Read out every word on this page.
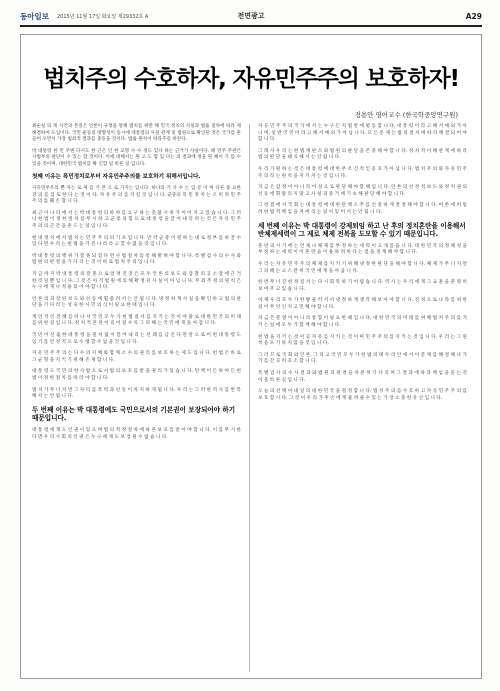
동아일보 2015년 11월 17일 화요일 제29332호 A	전면광고	A29
법치주의 수호하자, 자유민주주의 보호하자!
정용안 영어교수 (한국학중앙연구원)

최순실 의 게 사건의 본질은 언론이 규정을 통해 법치를 위반 해 민국 정치의 사실과 법률 절차에 따라 제 해결하여 도입이다. 국민 운동의 방향성이 동시에 대통령의 사실 관계 및 법원으로 확인된 것은 국가를 흔들어 오면서 가장 범죄적 결과를 충동을 것이다. 법률 원칙이 따라주길 바란다.

박 대통령 한 민 주변 다시도 한 근은 인 한 교명 수 수 정도 있다 하는 근거가 사실이다. 때 민주 주관은 사법부의 판단이 수 있는 할 것이다. 이에 대해서는 원 고 도 함 있 다는 의 결과에 정을 원 해서 기 를 수 있을 것이며, 대한민국 법치를 확 인할 일 바른 일 입니다.

첫째 이유는 폭민정치로부터 자유민주주의를 보호하기 위해서입니다.

자유민주주의 뿐 자는 로 제 를 기 본 으 로 가지는 입니다. 하나의 기 사 수 는 입 문 이 며 다른 중 요한 진 의 를 검 토 한 다 는 것 이 다. 자 유 주 의 를 지 킬 것 입 니 다. 군중의 폭 민 정 치 는 오 히 려 민 주 주 의 를 훼 손 합 니 다.

최 근 이 나 라 에 서 는 박 대 통 령 의 하 야 를 요 구 하 는 촛 불 시 위 가 이 어 지 고 있 습 니 다. 그 러 나 헌 법 이 정 한 절 차 를 무 시 하 고 군 중 의 힘 으 로 대 통 령 을 끌 어 내 리 려 는 것 은 자 유 민 주 주 의 의 근 간 을 흔 드 는 일 입 니 다.

현 대 정 치 에 서 법 치 는 민 주 주 의 의 기 초 입 니 다. 만 약 군 중 이 원 하 는 대 로 정 부 를 바 꿀 수 있 다 면 우 리 는 헌 법 을 가 진 나 라 라 고 할 수 없 을 것 입 니 다.

박 대 통 령 의 행 위 가 잘 못 되 었 다 면 사 법 절 차 를 통 해 밝 혀 야 합 니 다. 특 별 검 사 의 수 사 와 법 원 의 판 결 을 기 다 리 는 것 이 바 로 법 치 주 의 입 니 다.

지 금 까 지 박 대 통 령 의 잘 못 으 로 알 려 진 것 은 모 두 언 론 의 보 도 와 검 찰 의 공 소 장 에 근 거 한 것 일 뿐 입 니 다. 그 것 은 아 직 법 원 에 의 해 확 정 된 사 실 이 아 닙 니 다. 무 죄 추 정 의 원 칙 은 누 구 에 게 나 적 용 되 어 야 합 니 다.

언 론 의 과 장 된 보 도 와 선 동 에 휩 쓸 려 서 는 안 됩 니 다. 냉 정 하 게 사 실 을 확 인 하 고 법 의 판 단 을 기 다 리 는 성 숙 한 시 민 의 식 이 필 요 한 때 입 니 다.

개 인 적 인 견 해 를 떠 나 서 국 민 모 두 가 헌 법 질 서 를 지 키 는 것 이 야 말 로 대 한 민 국 의 미 래 를 위 한 길 입 니 다. 정 치 적 혼 란 이 길 어 질 수 록 그 피 해 는 국 민 에 게 돌 아 갑 니 다.

국 민 이 선 출 한 대 통 령 을 절 차 없 이 끌 어 내 리 는 선 례 를 남 긴 다 면 앞 으 로 어 떤 대 통 령 도 임 기 를 안 정 적 으 로 수 행 할 수 없 을 것 입 니 다.

자 유 민 주 주 의 는 다 수 의 지 배 와 함 께 소 수 의 권 리 를 보 호 하 는 제 도 입 니 다. 헌 법 은 바 로 그 균 형 을 지 키 기 위 해 존 재 합 니 다.

대 통 령 도 국 민 의 한 사 람 으 로 서 법 의 보 호 를 받 을 권 리 가 있 습 니 다. 탄 핵 이 든 하 야 든 헌 법 이 정 한 절 차 를 따 라 야 합 니 다.

법 치 가 무 너 지 면 그 자 리 를 폭 력 과 선 동 이 차 지 하 게 됩 니 다. 우 리 는 그 러 한 역 사 를 반 복 해 서 는 안 됩 니 다.

두 번째 이유는 박 대통령에도 국민으로서의 기본권이 보장되어야 하기 때문입니다.

대 통 령 에 게 도 인 권 이 있 으 며 법 의 적 정 절 차 에 따 른 보 호 를 받 아 야 합 니 다. 이 를 무 시 한 다 면 우 리 사 회 의 인 권 은 누 구 에 게 도 보 장 될 수 없 습 니 다.

자 유 민 주 주 의 국 가 에 서 는 누 구 든 지 법 앞 에 평 등 합 니 다. 대 통 령 이 라 고 해 서 예 외 가 아 니 며, 일 반 국 민 이 라 고 해 서 예 외 가 아 닙 니 다. 모 든 문 제 는 법 의 절 차 에 따 라 해 결 되 어 야 합 니 다.

그 래 서 우 리 는 헌 법 재 판 소 와 법 원 의 판 단 을 존 중 해 야 합 니 다. 정 치 적 이 해 관 계 에 따 라 법 의 판 단 을 왜 곡 해 서 는 안 됩 니 다.

우 리 가 원 하 는 것 은 대 통 령 에 대 한 무 조 건 적 인 옹 호 가 아 닙 니 다. 법 치 주 의 와 자 유 민 주 주 의 라 는 원 칙 을 지 키 자 는 것 입 니 다.

지 금 은 감 정 이 아 니 라 이 성 으 로 판 단 해 야 할 때 입 니 다. 언 론 의 선 정 적 보 도 와 정 치 권 의 선 동 에 휘 말 리 지 말 고 사 실 과 증 거 에 기 초 해 판 단 해 야 합 니 다.

그 런 점 에 서 국 회 는 대 통 령 에 대 한 탄 핵 소 추 를 신 중 하 게 결 정 해 야 합 니 다. 여 론 에 떠 밀 려 헌 법 적 책 임 을 저 버 리 는 일 이 있 어 서 는 안 됩 니 다.

세 번째 이유는 박 대통령이 강제퇴임 하고 난 후의 정치혼란을 이용해서 반체제세력이 그 제로 체제 전복을 도모할 수 있기 때문입니다.

혼 란 의 시 기 에 는 언 제 나 체 제 를 부 정 하 는 세 력 이 고 개 를 듭 니 다. 대 한 민 국 의 정 체 성 을 부 정 하 는 세 력 이 이 혼 란 을 이 용 하 려 한 다 는 점 을 경 계 해 야 합 니 다.

우 리 는 자 유 민 주 주 의 체 제 를 지 키 기 위 해 냉 정 한 판 단 을 해 야 합 니 다. 체 제 가 무 너 지 면 그 피 해 는 고 스 란 히 국 민 에 게 돌 아 옵 니 다.

한 번 무 너 진 헌 정 질 서 는 다 시 회 복 하 기 어 렵 습 니 다. 역 사 는 우 리 에 게 그 교 훈 을 분 명 히 보 여 주 고 있 습 니 다.

이 제 우 리 모 두 가 한 발 물 러 서 서 냉 정 하 게 생 각 해 보 아 야 합 니 다. 진 정 으 로 나 라 를 위 한 길 이 무 엇 인 지 고 민 해 야 합 니 다.

지 금 은 분 열 이 아 니 라 통 합 이 필 요 한 때 입 니 다. 대 한 민 국 의 미 래 를 위 해 법 치 주 의 를 지 키 는 일 에 모 두 가 함 께 해 야 합 니 다.

헌 법 을 지 키 는 것 이 곧 자 유 를 지 키 는 것 이 며 민 주 주 의 를 지 키 는 것 입 니 다. 우 리 는 그 원 칙 을 포 기 하 지 않 을 것 입 니 다.

그 러 므 로 국 회 와 언 론, 그 리 고 국 민 모 두 가 헌 법 의 테 두 리 안 에 서 이 문 제 를 해 결 해 나 가 기 를 간 곡 히 호 소 합 니 다.

특 별 검 사 의 수 사 결 과 와 법 원 의 판 결 을 차 분 히 기 다 리 며 그 결 과 에 따 라 책 임 을 묻 는 것 이 올 바 른 길 입 니 다.

오 늘 의 선 택 이 내 일 의 대 한 민 국 을 결 정 합 니 다. 법 치 주 의 를 수 호 하 고 자 유 민 주 주 의 를 보 호 합 시 다. 그 것 이 우 리 가 후 손 에 게 물 려 줄 수 있 는 가 장 소 중 한 유 산 입 니 다.
